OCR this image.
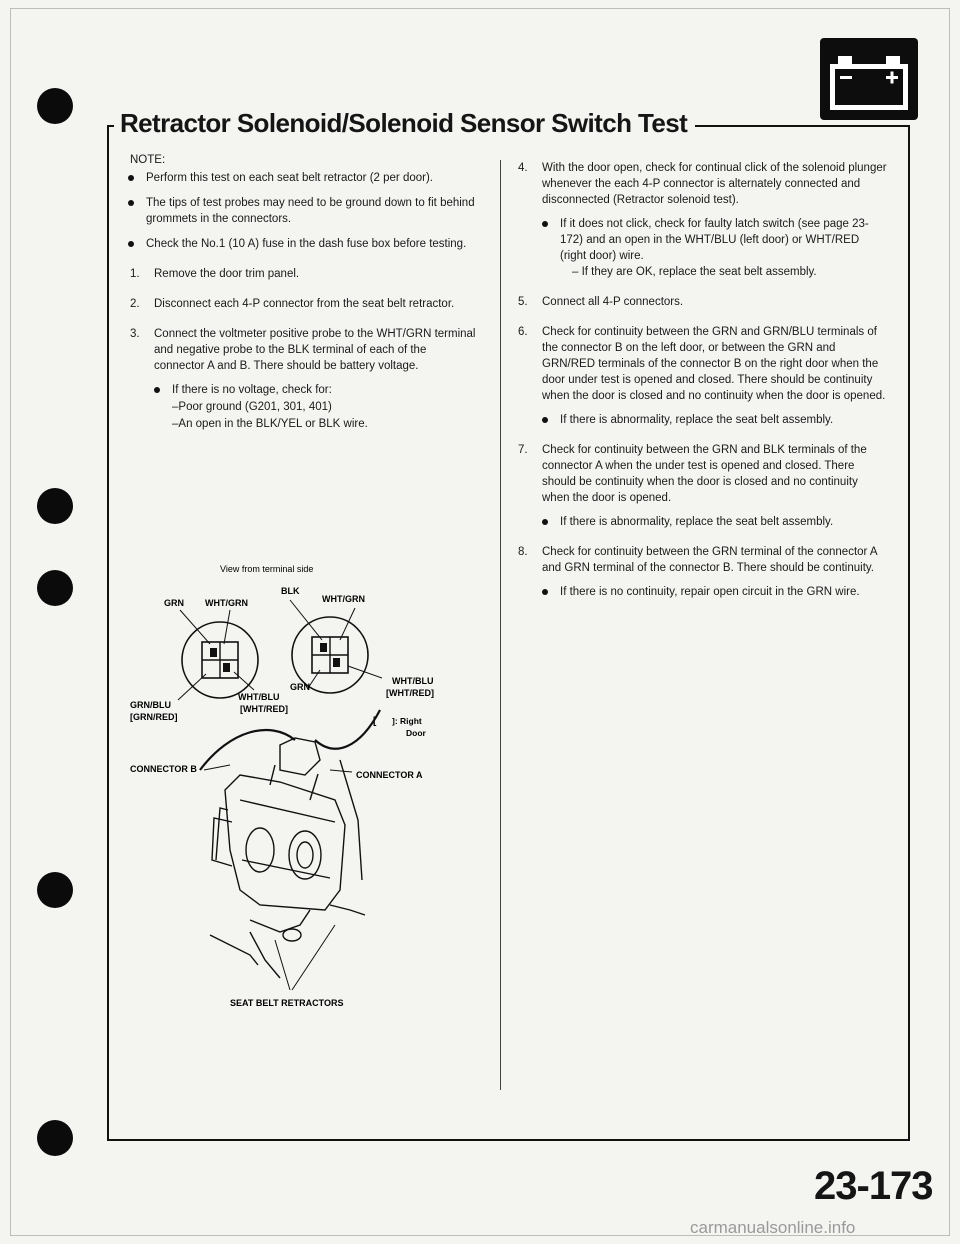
Retractor Solenoid/Solenoid Sensor Switch Test

NOTE:

Perform this test on each seat belt retractor (2 per door).

The tips of test probes may need to be ground down to fit behind grommets in the connectors.

Check the No.1 (10 A) fuse in the dash fuse box before testing.

1. Remove the door trim panel.

2. Disconnect each 4-P connector from the seat belt retractor.

3. Connect the voltmeter positive probe to the WHT/GRN terminal and negative probe to the BLK terminal of each of the connector A and B. There should be battery voltage.

If there is no voltage, check for:

–Poor ground (G201, 301, 401)

–An open in the BLK/YEL or BLK wire.

View from terminal side
BLK
GRN WHT/GRN	WHT/GRN
GRN/BLU
[GRN/RED]
WHT/BLU
GRN
[WHT/RED]
WHT/BLU
[WHT/RED]
[ ]: Right
Door
CONNECTOR B
CONNECTOR A
SEAT BELT RETRACTORS
4. With the door open, check for continual click of the solenoid plunger whenever the each 4-P connector is alternately connected and disconnected (Retractor solenoid test).

If it does not click, check for faulty latch switch (see page 23-172) and an open in the WHT/BLU (left door) or WHT/RED (right door) wire.

– If they are OK, replace the seat belt assembly.

5. Connect all 4-P connectors.

6. Check for continuity between the GRN and GRN/BLU terminals of the connector B on the left door, or between the GRN and GRN/RED terminals of the connector B on the right door when the door under test is opened and closed. There should be continuity when the door is closed and no continuity when the door is opened.

If there is abnormality, replace the seat belt assembly.

7. Check for continuity between the GRN and BLK terminals of the connector A when the under test is opened and closed. There should be continuity when the door is closed and no continuity when the door is opened.

If there is abnormality, replace the seat belt assembly.

8. Check for continuity between the GRN terminal of the connector A and GRN terminal of the connector B. There should be continuity.

If there is no continuity, repair open circuit in the GRN wire.

23-173
carmanualsonline.info
